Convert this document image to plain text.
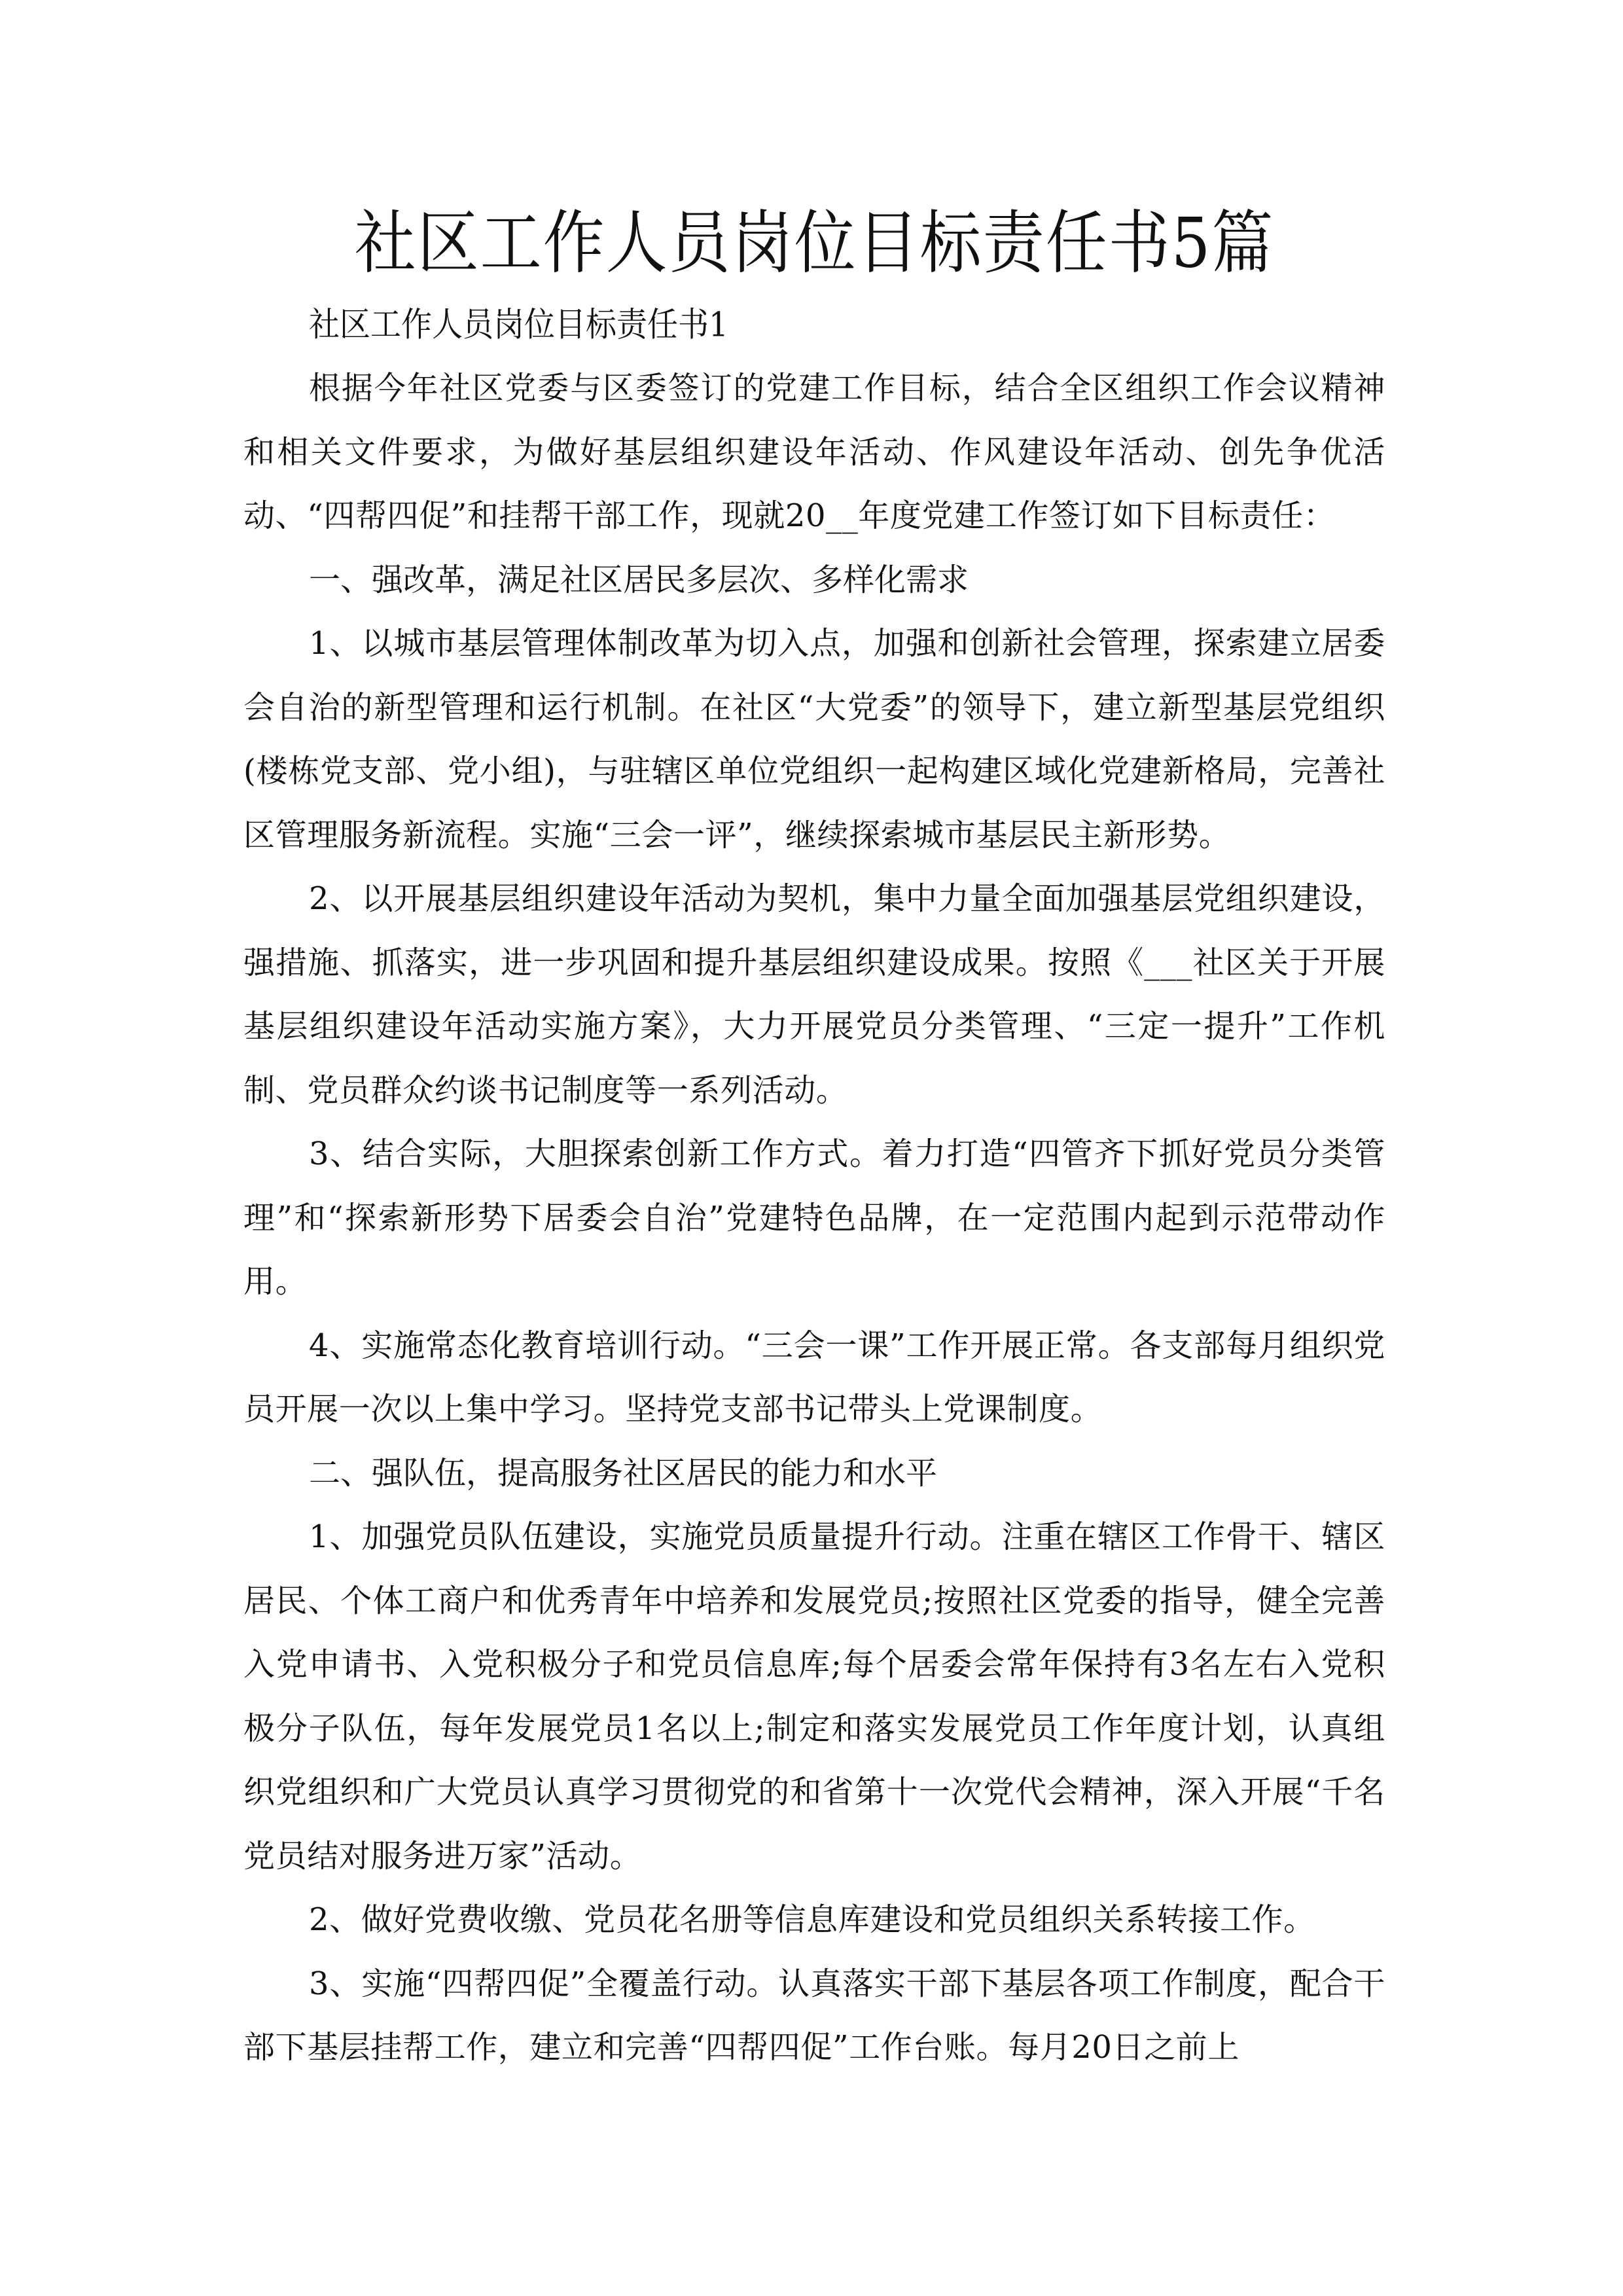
社区工作人员岗位目标责任书5篇

社区工作人员岗位目标责任书1

根据今年社区党委与区委签订的党建工作目标，结合全区组织工作会议精神和相关文件要求，为做好基层组织建设年活动、作风建设年活动、创先争优活动、“四帮四促”和挂帮干部工作，现就20__年度党建工作签订如下目标责任：

一、强改革，满足社区居民多层次、多样化需求

1、以城市基层管理体制改革为切入点，加强和创新社会管理，探索建立居委会自治的新型管理和运行机制。在社区“大党委”的领导下，建立新型基层党组织(楼栋党支部、党小组)，与驻辖区单位党组织一起构建区域化党建新格局，完善社区管理服务新流程。实施“三会一评”，继续探索城市基层民主新形势。

2、以开展基层组织建设年活动为契机，集中力量全面加强基层党组织建设，强措施、抓落实，进一步巩固和提升基层组织建设成果。按照《___社区关于开展基层组织建设年活动实施方案》，大力开展党员分类管理、“三定一提升”工作机制、党员群众约谈书记制度等一系列活动。

3、结合实际，大胆探索创新工作方式。着力打造“四管齐下抓好党员分类管理”和“探索新形势下居委会自治”党建特色品牌，在一定范围内起到示范带动作用。

4、实施常态化教育培训行动。“三会一课”工作开展正常。各支部每月组织党员开展一次以上集中学习。坚持党支部书记带头上党课制度。

二、强队伍，提高服务社区居民的能力和水平

1、加强党员队伍建设，实施党员质量提升行动。注重在辖区工作骨干、辖区居民、个体工商户和优秀青年中培养和发展党员;按照社区党委的指导，健全完善入党申请书、入党积极分子和党员信息库;每个居委会常年保持有3名左右入党积极分子队伍，每年发展党员1名以上;制定和落实发展党员工作年度计划，认真组织党组织和广大党员认真学习贯彻党的和省第十一次党代会精神，深入开展“千名党员结对服务进万家”活动。

2、做好党费收缴、党员花名册等信息库建设和党员组织关系转接工作。

3、实施“四帮四促”全覆盖行动。认真落实干部下基层各项工作制度，配合干部下基层挂帮工作，建立和完善“四帮四促”工作台账。每月20日之前上
